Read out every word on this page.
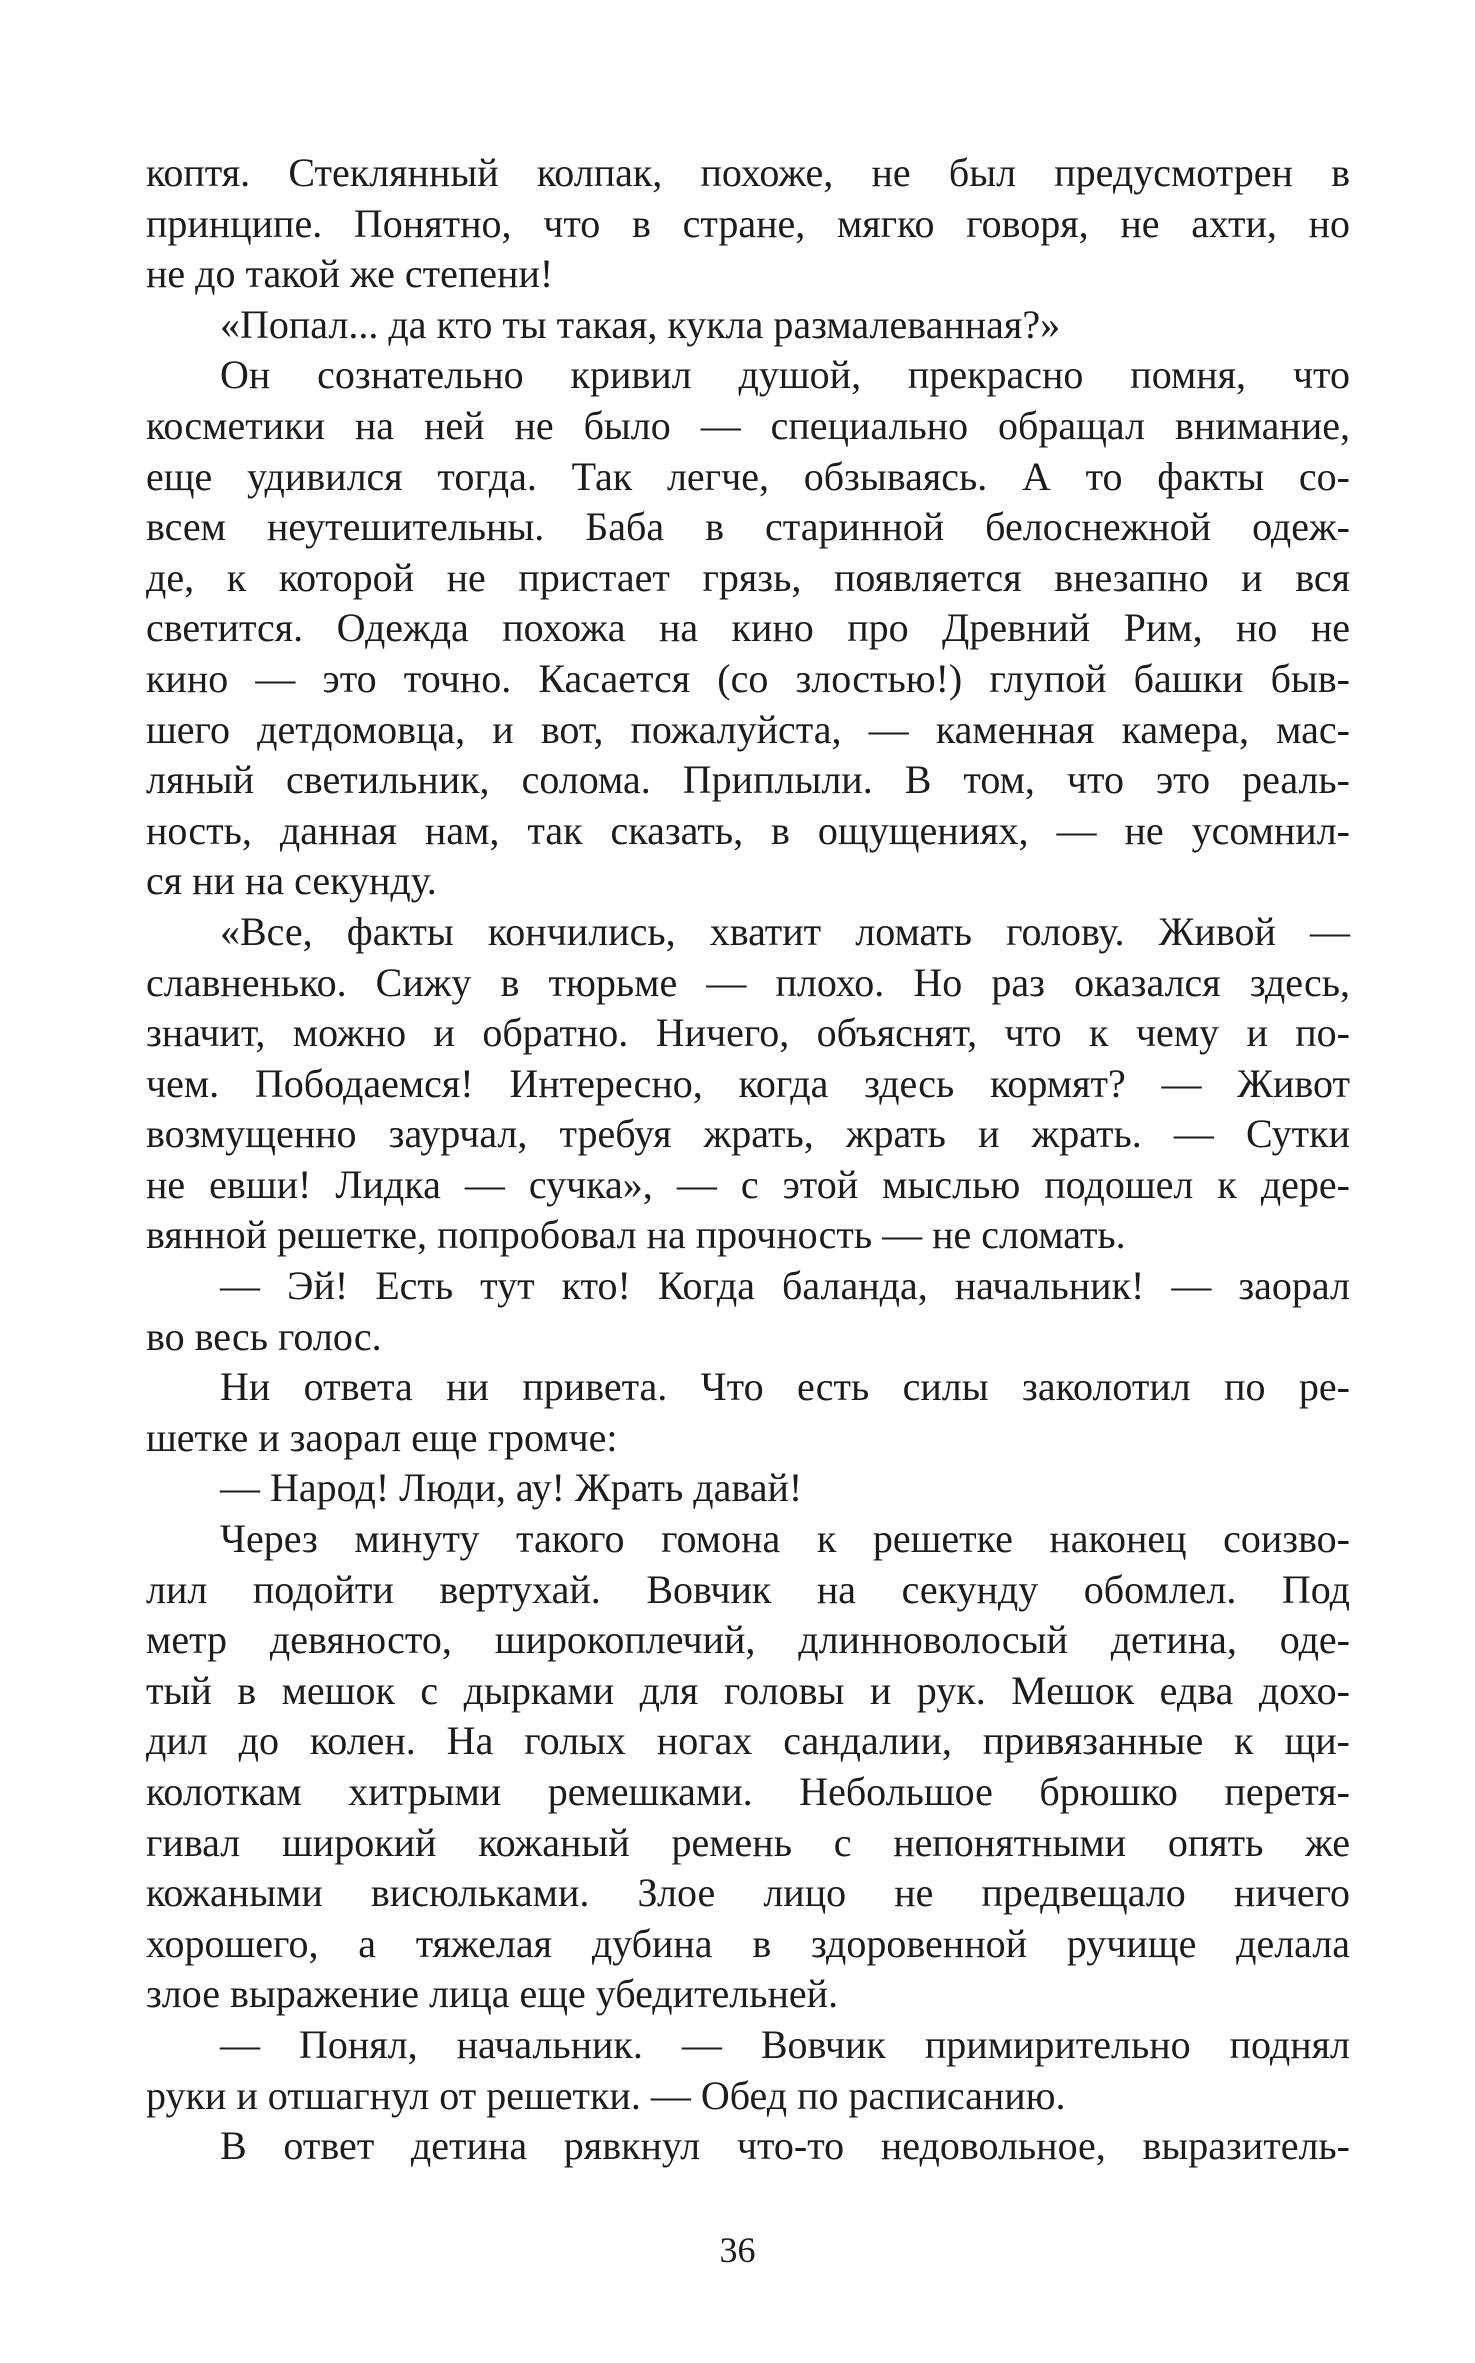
коптя. Стеклянный колпак, похоже, не был предусмотрен в
принципе. Понятно, что в стране, мягко говоря, не ахти, но
не до такой же степени!

«Попал... да кто ты такая, кукла размалеванная?»

Он сознательно кривил душой, прекрасно помня, что
косметики на ней не было — специально обращал внимание,
еще удивился тогда. Так легче, обзываясь. А то факты со-
всем неутешительны. Баба в старинной белоснежной одеж-
де, к которой не пристает грязь, появляется внезапно и вся
светится. Одежда похожа на кино про Древний Рим, но не
кино — это точно. Касается (со злостью!) глупой башки быв-
шего детдомовца, и вот, пожалуйста, — каменная камера, мас-
ляный светильник, солома. Приплыли. В том, что это реаль-
ность, данная нам, так сказать, в ощущениях, — не усомнил-
ся ни на секунду.

«Все, факты кончились, хватит ломать голову. Живой —
славненько. Сижу в тюрьме — плохо. Но раз оказался здесь,
значит, можно и обратно. Ничего, объяснят, что к чему и по-
чем. Пободаемся! Интересно, когда здесь кормят? — Живот
возмущенно заурчал, требуя жрать, жрать и жрать. — Сутки
не евши! Лидка — сучка», — с этой мыслью подошел к дере-
вянной решетке, попробовал на прочность — не сломать.

— Эй! Есть тут кто! Когда баланда, начальник! — заорал
во весь голос.

Ни ответа ни привета. Что есть силы заколотил по ре-
шетке и заорал еще громче:

— Народ! Люди, ау! Жрать давай!

Через минуту такого гомона к решетке наконец соизво-
лил подойти вертухай. Вовчик на секунду обомлел. Под
метр девяносто, широкоплечий, длинноволосый детина, оде-
тый в мешок с дырками для головы и рук. Мешок едва дохо-
дил до колен. На голых ногах сандалии, привязанные к щи-
колоткам хитрыми ремешками. Небольшое брюшко перетя-
гивал широкий кожаный ремень с непонятными опять же
кожаными висюльками. Злое лицо не предвещало ничего
хорошего, а тяжелая дубина в здоровенной ручище делала
злое выражение лица еще убедительней.

— Понял, начальник. — Вовчик примирительно поднял
руки и отшагнул от решетки. — Обед по расписанию.

В ответ детина рявкнул что-то недовольное, выразитель-

36
